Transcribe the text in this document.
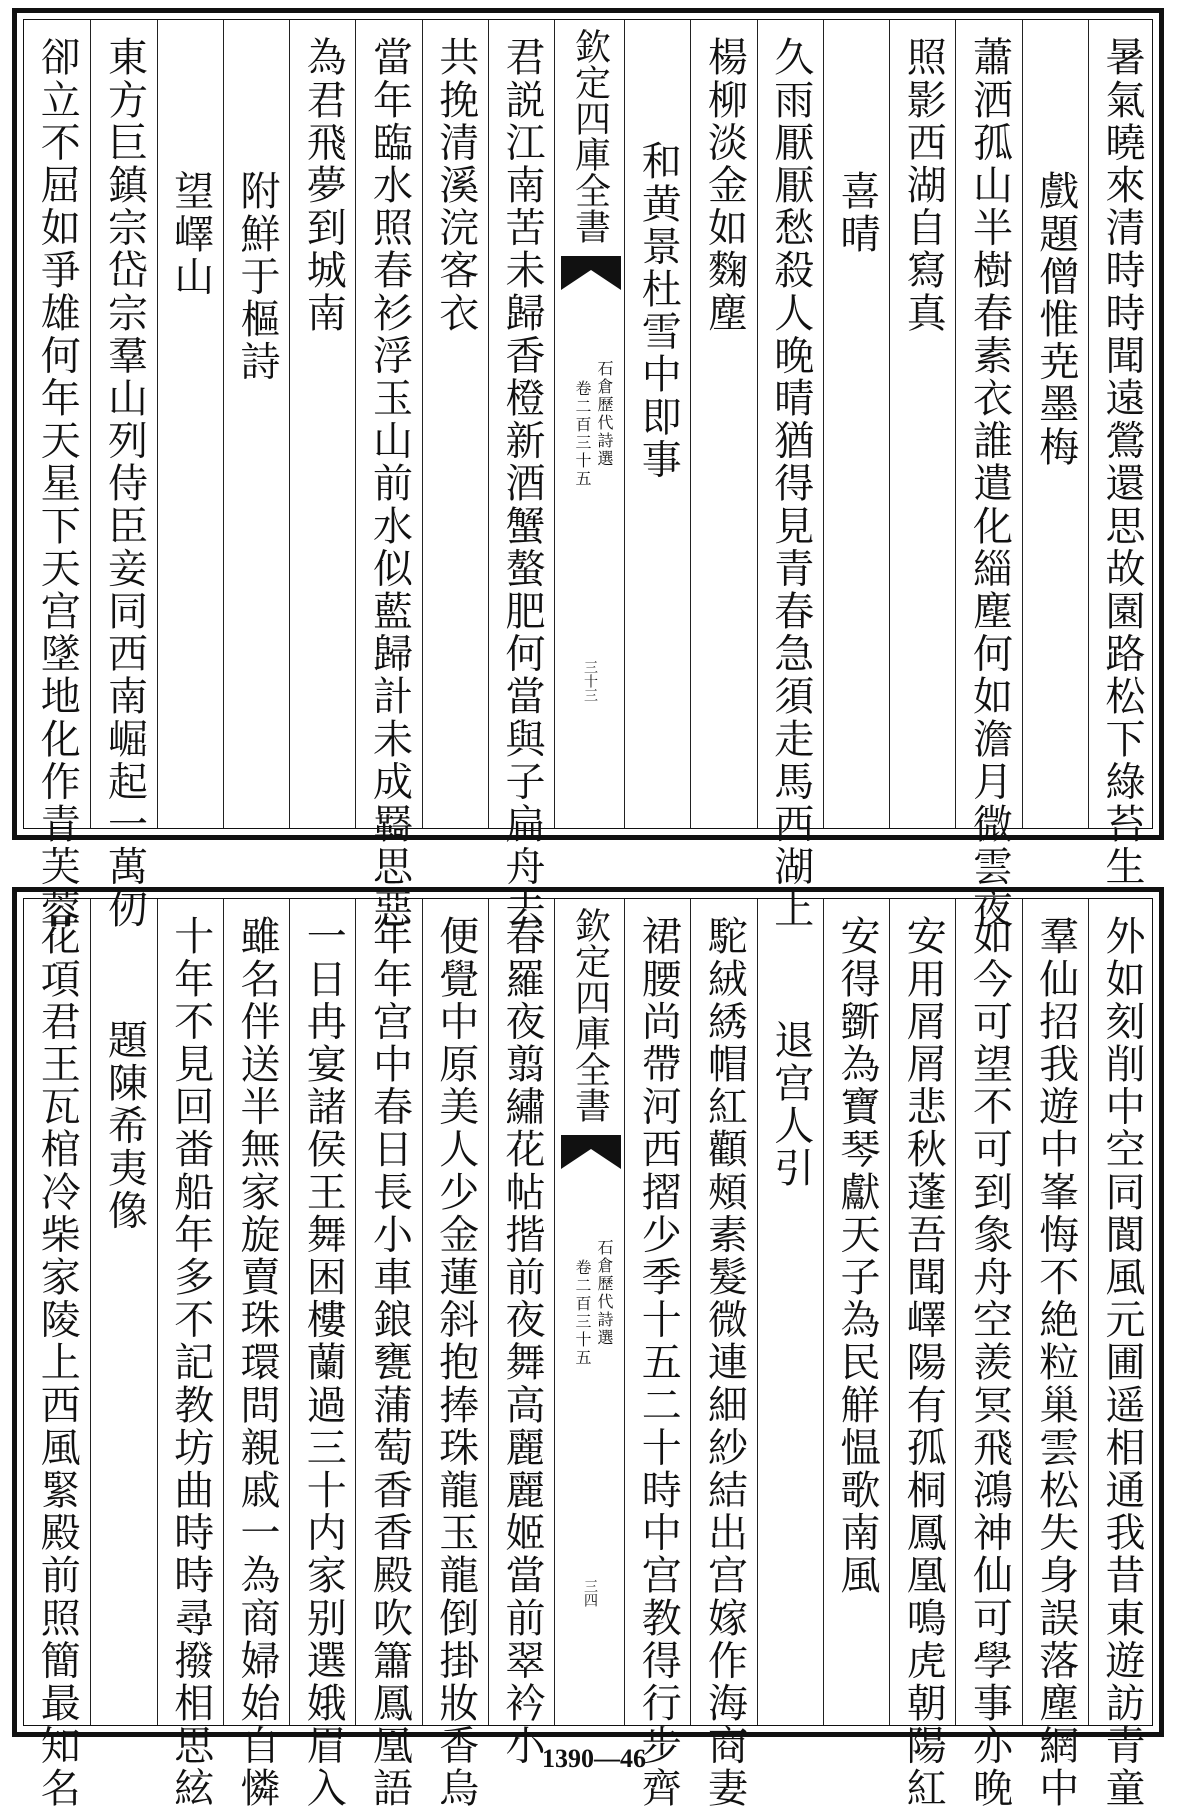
暑氣曉來清時時聞遠鶯還思故園路松下綠苔生
戲題僧惟尭墨梅
蕭洒孤山半樹春素衣誰遣化緇塵何如澹月微雲夜
照影西湖自寫真
喜晴
久雨厭厭愁殺人晚晴猶得見青春急須走馬西湖上
楊柳淡金如麴塵
和黄景杜雪中即事
欽定四庫全書
石倉歷代詩選
卷二百三十五
三十三
君説江南苦未歸香橙新酒蟹螯肥何當與子扁舟去
共挽清溪浣客衣
當年臨水照春衫浮玉山前水似藍歸計未成羇思惡
為君飛夢到城南
附鮮于樞詩
望嶧山
東方巨鎮宗岱宗羣山列侍臣妾同西南崛起一萬仞
卻立不屈如爭雄何年天星下天宫墜地化作青芙蓉
外如刻削中空同閬風元圃遥相通我昔東遊訪青童
羣仙招我遊中峯悔不絶粒巢雲松失身誤落塵網中
如今可望不可到𧰼舟空羨冥飛鴻神仙可學事亦晚
安用屑屑悲秋蓬吾聞嶧陽有孤桐鳳凰鳴虎朝陽紅
安得斵為寶琴獻天子為民觧愠歌南風
退宫人引
駝絨綉帽紅顴頰素髮微連細紗結出宫嫁作海商妻
裙腰尚帶河西摺少季十五二十時中宫教得行步齊
欽定四庫全書
石倉歷代詩選
卷二百三十五
三四
春羅夜翦繡花帖揩前夜舞高麗麗姬當前翠衿小
便覺中原美人少金蓮斜抱捧珠龍玉龍倒掛妝香烏
年年宫中春日長小車鋃甕蒲萄香香殿吹簫鳳凰語
一日冉宴諸侯王舞困樓蘭過三十内家别選娥眉入
雖名伴送半無家旋賣珠環問親戚一為商婦始自憐
十年不見回畨船年多不記教坊曲時時尋撥相思絃
題陳希夷像
花項君王瓦棺冷柴家陵上西風緊殿前照簡最知名	1390—46
